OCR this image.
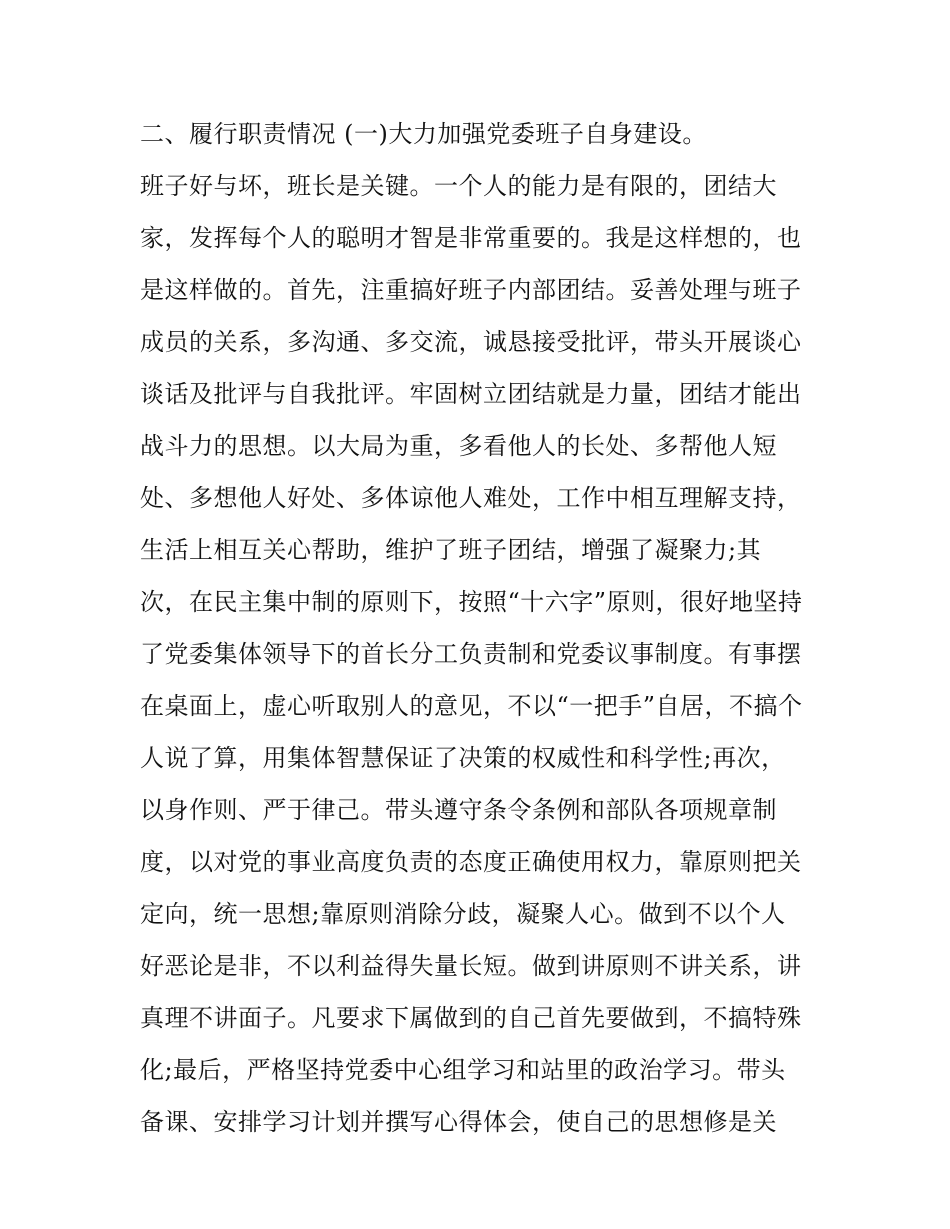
二、履行职责情况 (一)大力加强党委班子自身建设。
班子好与坏，班长是关键。一个人的能力是有限的，团结大
家，发挥每个人的聪明才智是非常重要的。我是这样想的，也
是这样做的。首先，注重搞好班子内部团结。妥善处理与班子
成员的关系，多沟通、多交流，诚恳接受批评，带头开展谈心
谈话及批评与自我批评。牢固树立团结就是力量，团结才能出
战斗力的思想。以大局为重，多看他人的长处、多帮他人短
处、多想他人好处、多体谅他人难处，工作中相互理解支持，
生活上相互关心帮助，维护了班子团结，增强了凝聚力;其
次，在民主集中制的原则下，按照“十六字”原则，很好地坚持
了党委集体领导下的首长分工负责制和党委议事制度。有事摆
在桌面上，虚心听取别人的意见，不以“一把手”自居，不搞个
人说了算，用集体智慧保证了决策的权威性和科学性;再次，
以身作则、严于律己。带头遵守条令条例和部队各项规章制
度，以对党的事业高度负责的态度正确使用权力，靠原则把关
定向，统一思想;靠原则消除分歧，凝聚人心。做到不以个人
好恶论是非，不以利益得失量长短。做到讲原则不讲关系，讲
真理不讲面子。凡要求下属做到的自己首先要做到，不搞特殊
化;最后，严格坚持党委中心组学习和站里的政治学习。带头
备课、安排学习计划并撰写心得体会，使自己的思想修是关
